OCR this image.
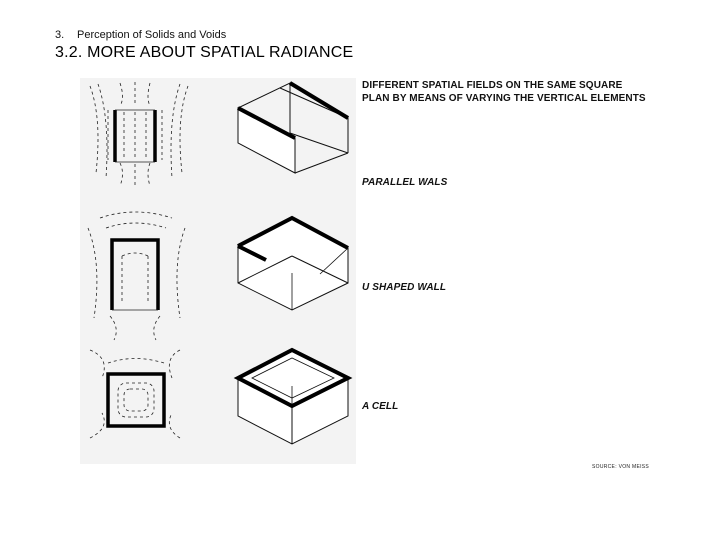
3. Perception of Solids and Voids
3.2. MORE ABOUT SPATIAL RADIANCE
DIFFERENT SPATIAL FIELDS ON THE SAME SQUARE
PLAN BY MEANS OF VARYING THE VERTICAL ELEMENTS
PARALLEL WALS
U SHAPED WALL
A CELL
SOURCE: VON MEISS
